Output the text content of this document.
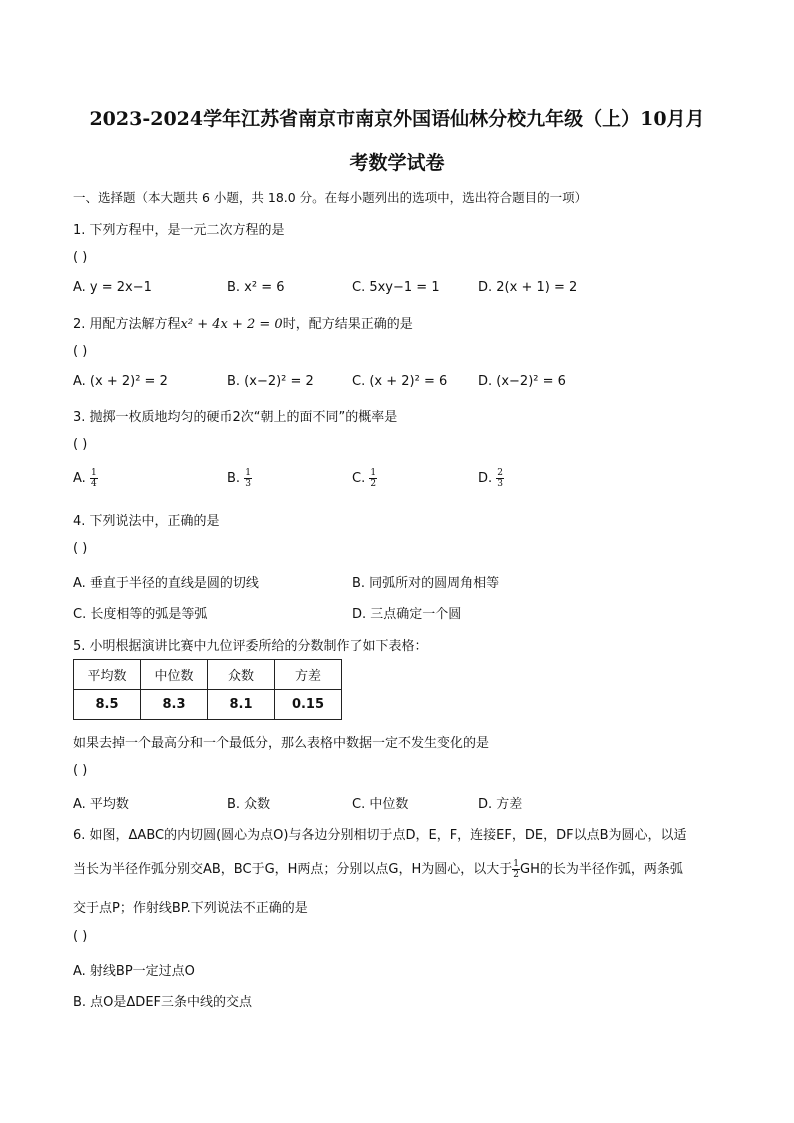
2023-2024学年江苏省南京市南京外国语仙林分校九年级（上）10月月
考数学试卷
一、选择题（本大题共 6 小题，共 18.0 分。在每小题列出的选项中，选出符合题目的一项）
1. 下列方程中，是一元二次方程的是
( )
A. y = 2x−1	B. x² = 6	C. 5xy−1 = 1	D. 2(x + 1) = 2
2. 用配方法解方程x² + 4x + 2 = 0时，配方结果正确的是
( )
A. (x + 2)² = 2	B. (x−2)² = 2	C. (x + 2)² = 6 D. (x−2)² = 6
3. 抛掷一枚质地均匀的硬币2次“朝上的面不同”的概率是
( )
A. $\frac{1}{4}$	B. $\frac{1}{3}$	C. $\frac{1}{2}$	D. $\frac{2}{3}$
4. 下列说法中，正确的是
( )
A. 垂直于半径的直线是圆的切线	B. 同弧所对的圆周角相等
C. 长度相等的弧是等弧	D. 三点确定一个圆
5. 小明根据演讲比赛中九位评委所给的分数制作了如下表格：
平均数	中位数	众数	方差
8.5	8.3	8.1	0.15
如果去掉一个最高分和一个最低分，那么表格中数据一定不发生变化的是
( )
A. 平均数	B. 众数	C. 中位数	D. 方差
6. 如图，ΔABC的内切圆(圆心为点O)与各边分别相切于点D，E，F，连接EF，DE，DF以点B为圆心，以适
当长为半径作弧分别交AB，BC于G，H两点；分别以点G，H为圆心，以大于 $\frac{1}{2}$ GH的长为半径作弧，两条弧
交于点P；作射线BP.下列说法不正确的是
( )
A. 射线BP一定过点O
B. 点O是ΔDEF三条中线的交点
